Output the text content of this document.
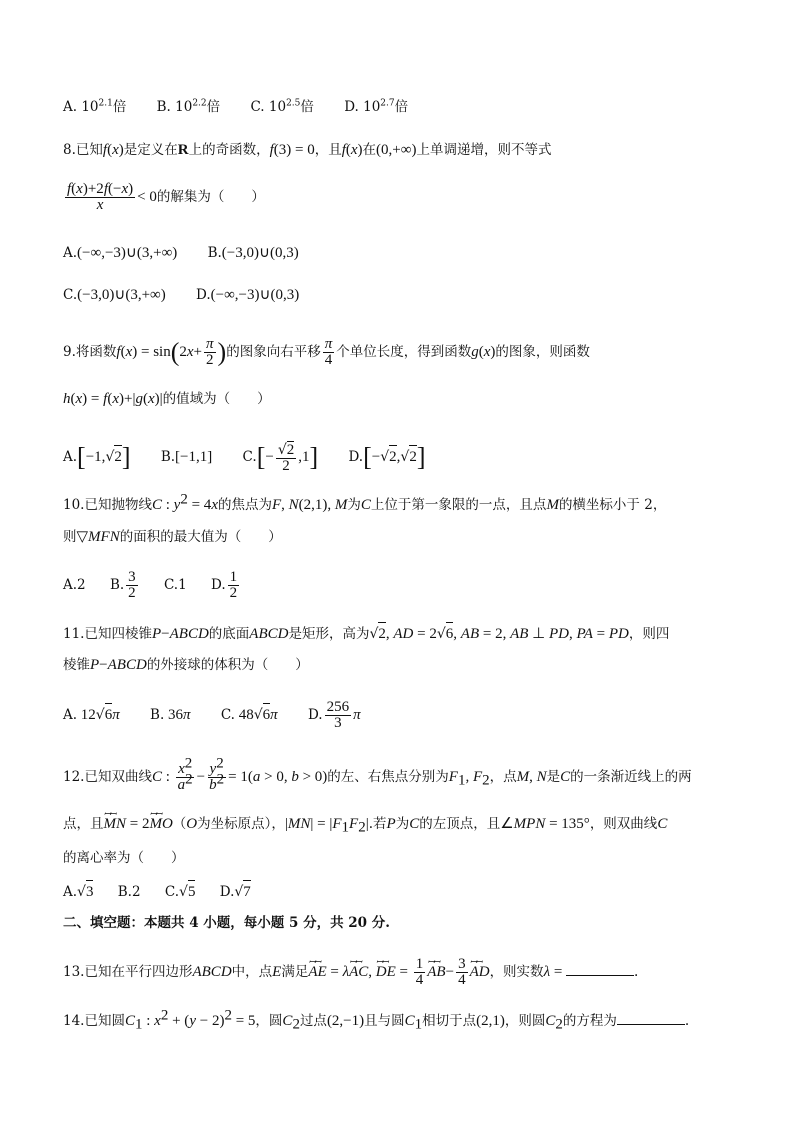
A. $10^{2.1}$倍 B. $10^{2.2}$倍 C. $10^{2.5}$倍 D. $10^{2.7}$倍
8.已知f(x)是定义在R上的奇函数，f(3) = 0，且f(x)在(0,+∞)上单调递增，则不等式
$\frac{f(x)+2f(-x)}{x} < 0$的解集为（　　）
A.(−∞,−3)∪(3,+∞) B.(−3,0)∪(0,3)
C.(−3,0)∪(3,+∞) D.(−∞,−3)∪(0,3)
9.将函数$f(x) = \sin(2x+ \frac{\pi}{2}$ )的图象向右平移 $\frac{\pi}{4}$ 个单位长度，得到函数g(x)的图象，则函数
h(x) = f(x)+|g(x)|的值域为（　　）
A.[−1,√2] B.[−1,1] $C.[- \frac{√2}{2} ,1]$ D.[−√2,√2]
10.已知抛物线C : $y^2 = 4x$的焦点为F, N(2,1), M为C上位于第一象限的一点，且点M的横坐标小于 2，
则▽MFN的面积的最大值为（　　）
A.2 B. $\frac{3}{2} C.1$ D. $\frac{1}{2}$
11.已知四棱锥P−ABCD的底面ABCD是矩形，高为√2, AD = 2√6, AB = 2, AB ⊥ PD, PA = PD，则四
棱锥P−ABCD的外接球的体积为（　　）
A. 12√6π B. 36π C. 48√6π D. $\frac{256}{3}$ π
12.已知双曲线C : $\frac{x^2}{a^2} - \frac{y^2}{b^2} = 1(a > 0$, b > 0)的左、右焦点分别为$F_1$, $F_2$，点M, N是C的一条渐近线上的两
点，且ꟷꟷ MN = 2ꟷꟷ MO（O为坐标原点），$|MN| = |F_1F_2|$.若P为C的左顶点，且∠MPN = 135°，则双曲线C
的离心率为（　　）
A.√3 B.2 C.√5 D.√7
二、填空题：本题共 4 小题，每小题 5 分，共 20 分.
13.已知在平行四边形ABCD中，点E满足ꟷꟷ AE = λꟷꟷ AC, ꟷꟷ DE = $\frac{1}{4}$ ꟷꟷ $AB- \frac{3}{4}$ ꟷꟷ AD，则实数λ =	.
14.已知圆$C_1$ : $x^2 + (y - 2)^2 = 5$，圆$C_2$过点(2,−1)且与圆$C_1$相切于点(2,1)，则圆$C_2$的方程为	.
